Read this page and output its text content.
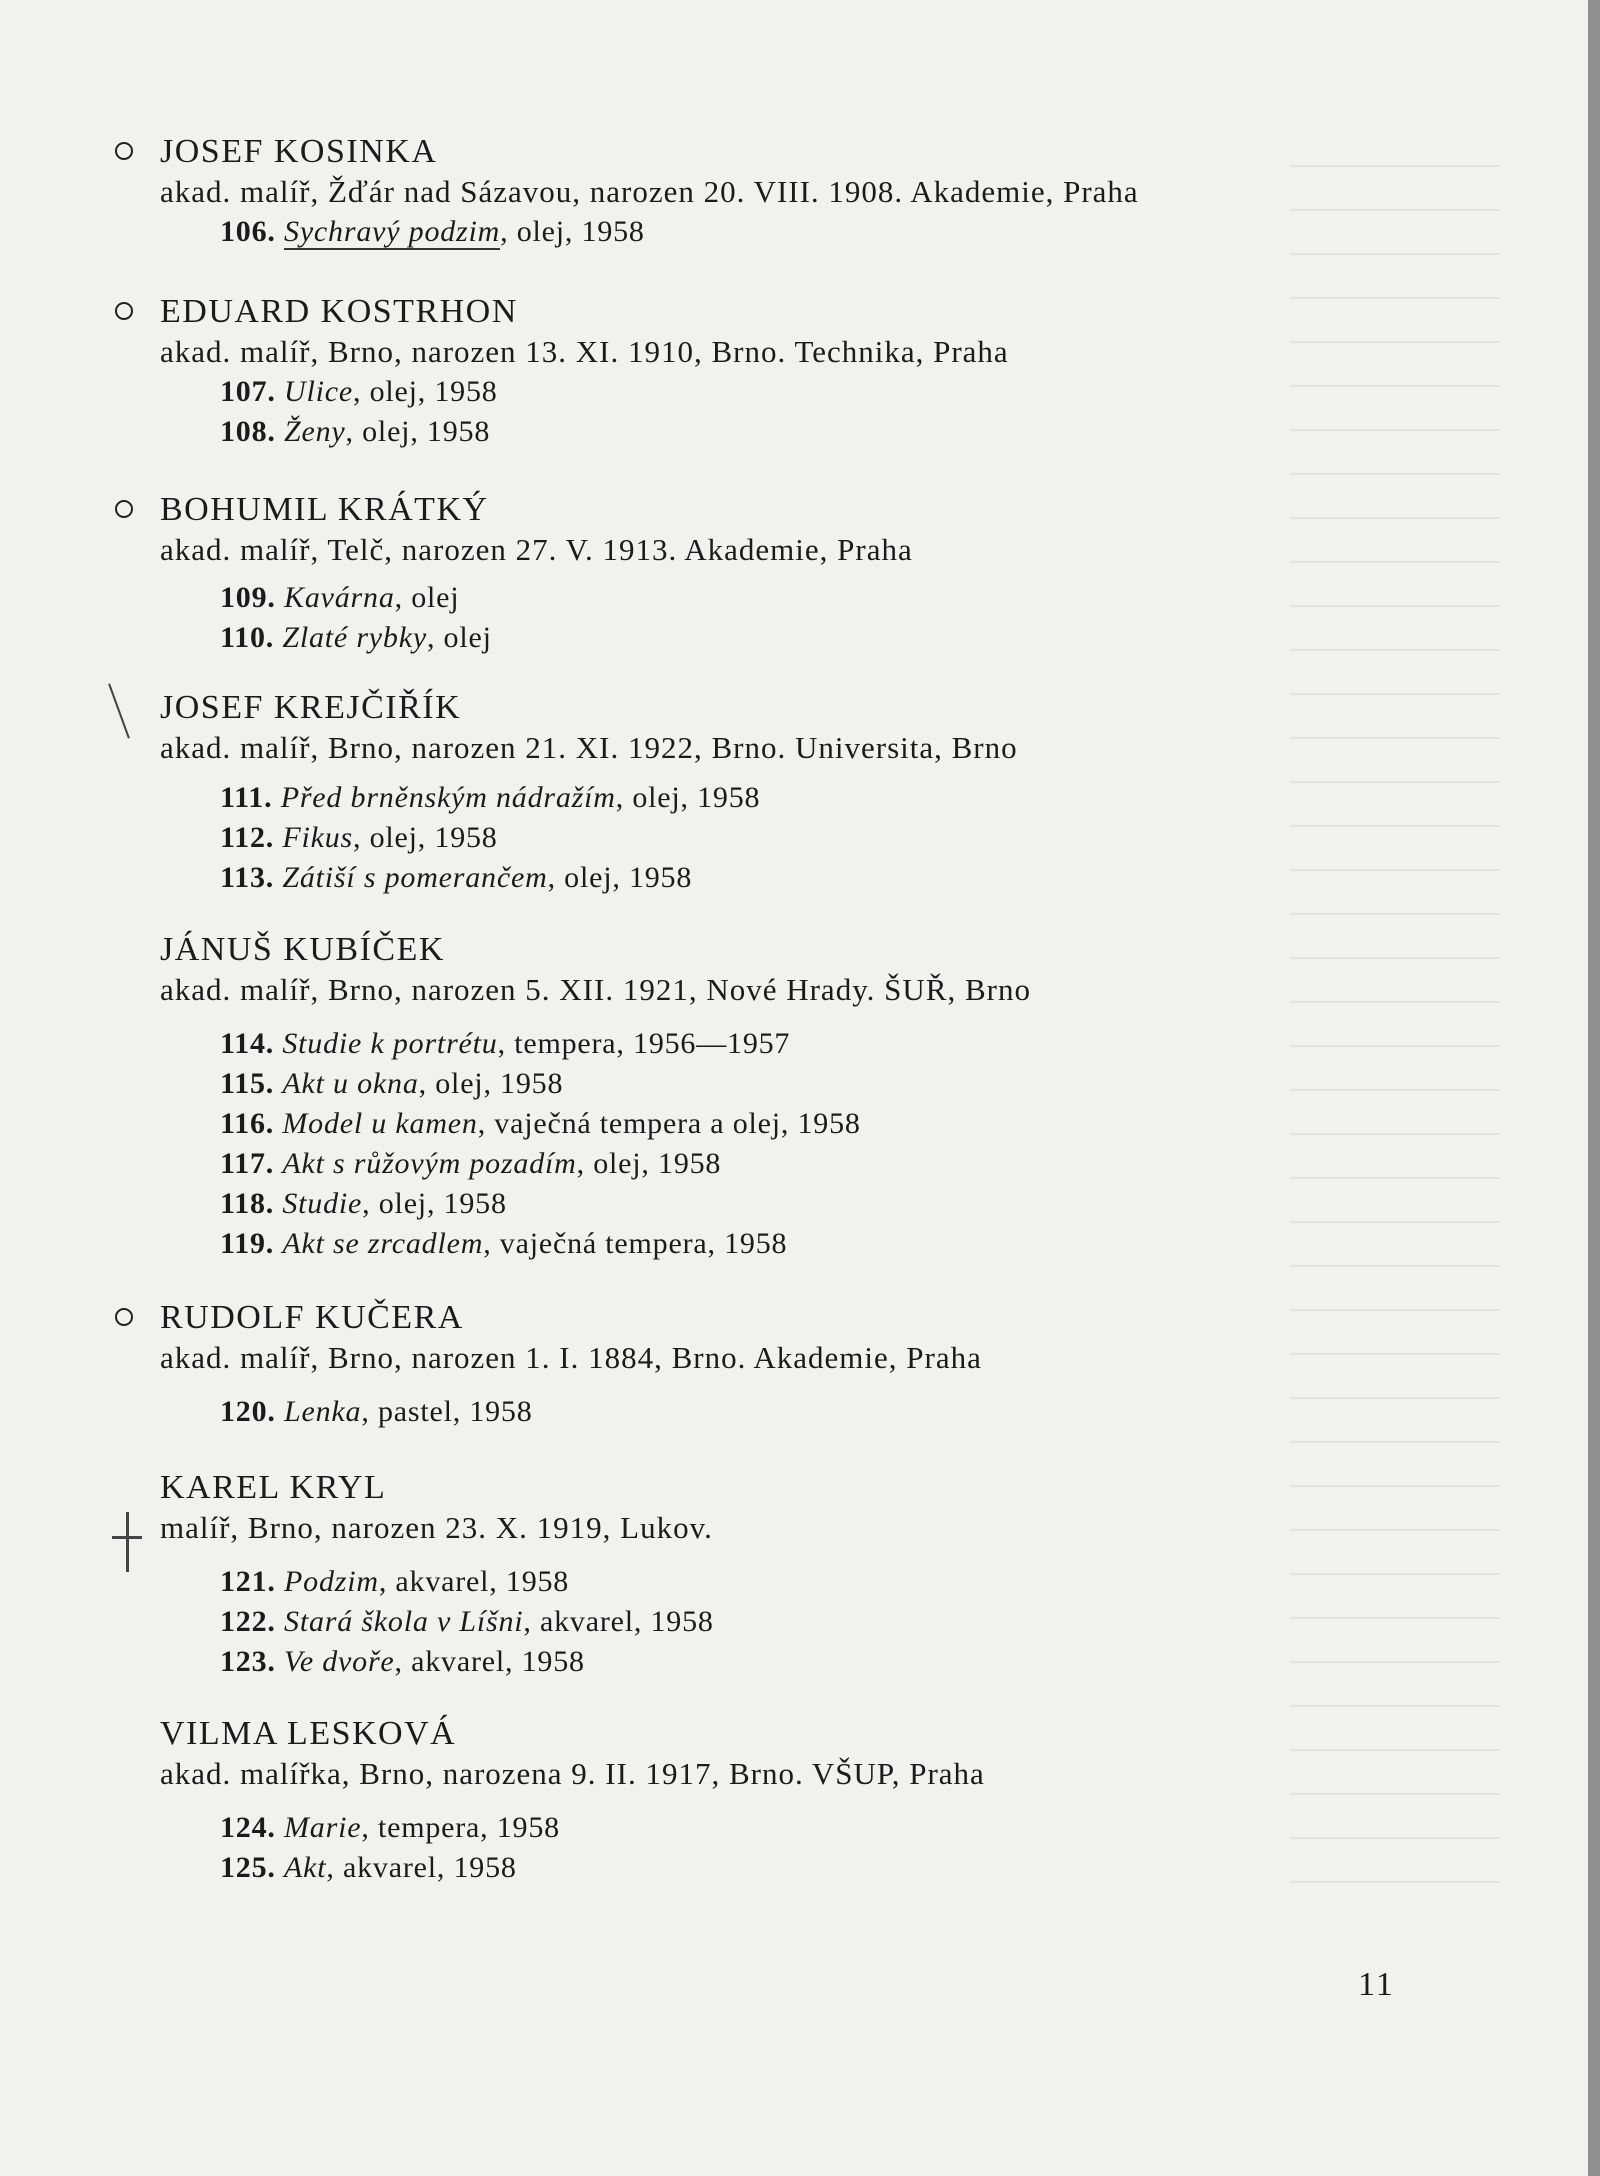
JOSEF KOSINKA
akad. malíř, Žďár nad Sázavou, narozen 20. VIII. 1908. Akademie, Praha
106. Sychravý podzim, olej, 1958
EDUARD KOSTRHON
akad. malíř, Brno, narozen 13. XI. 1910, Brno. Technika, Praha
107. Ulice, olej, 1958
108. Ženy, olej, 1958
BOHUMIL KRÁTKÝ
akad. malíř, Telč, narozen 27. V. 1913. Akademie, Praha
109. Kavárna, olej
110. Zlaté rybky, olej
JOSEF KREJČIŘÍK
akad. malíř, Brno, narozen 21. XI. 1922, Brno. Universita, Brno
111. Před brněnským nádražím, olej, 1958
112. Fikus, olej, 1958
113. Zátiší s pomerančem, olej, 1958
JÁNUŠ KUBÍČEK
akad. malíř, Brno, narozen 5. XII. 1921, Nové Hrady. ŠUŘ, Brno
114. Studie k portrétu, tempera, 1956—1957
115. Akt u okna, olej, 1958
116. Model u kamen, vaječná tempera a olej, 1958
117. Akt s růžovým pozadím, olej, 1958
118. Studie, olej, 1958
119. Akt se zrcadlem, vaječná tempera, 1958
RUDOLF KUČERA
akad. malíř, Brno, narozen 1. I. 1884, Brno. Akademie, Praha
120. Lenka, pastel, 1958
KAREL KRYL
malíř, Brno, narozen 23. X. 1919, Lukov.
121. Podzim, akvarel, 1958
122. Stará škola v Líšni, akvarel, 1958
123. Ve dvoře, akvarel, 1958
VILMA LESKOVÁ
akad. malířka, Brno, narozena 9. II. 1917, Brno. VŠUP, Praha
124. Marie, tempera, 1958
125. Akt, akvarel, 1958
11
